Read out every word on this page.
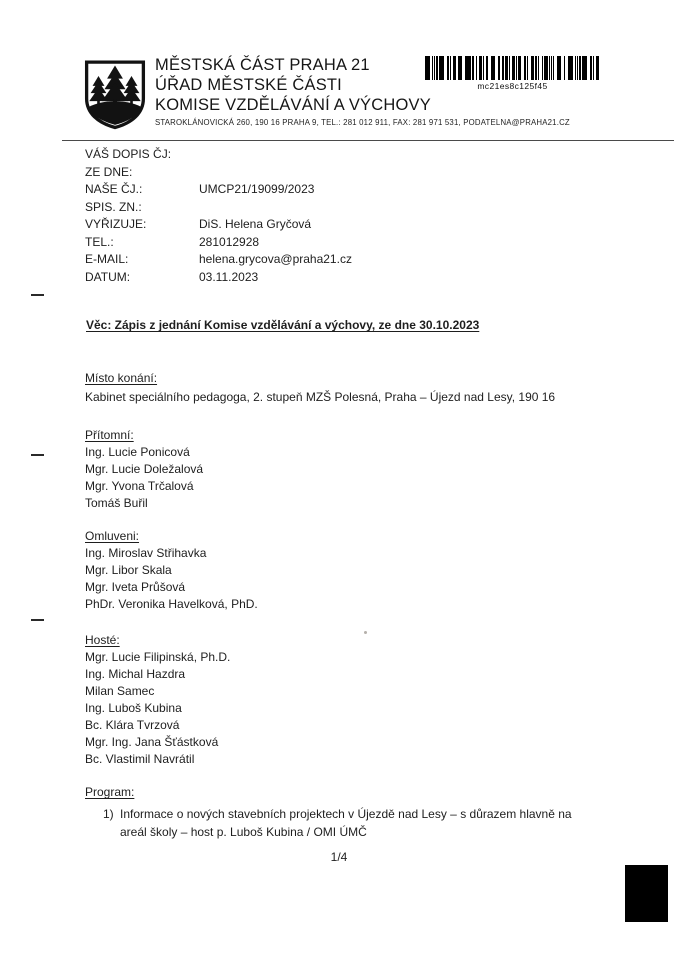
MĚSTSKÁ ČÁST PRAHA 21
ÚŘAD MĚSTSKÉ ČÁSTI
KOMISE VZDĚLÁVÁNÍ A VÝCHOVY
STAROKLÁNOVICKÁ 260, 190 16 PRAHA 9, TEL.: 281 012 911, FAX: 281 971 531, PODATELNA@PRAHA21.CZ
mc21es8c125f45
VÁŠ DOPIS ČJ:
ZE DNE:
NAŠE ČJ.:	UMCP21/19099/2023
SPIS. ZN.:
VYŘIZUJE:	DiS. Helena Gryčová
TEL.:	281012928
E-MAIL:	helena.grycova@praha21.cz
DATUM:	03.11.2023
Věc: Zápis z jednání Komise vzdělávání a výchovy, ze dne 30.10.2023
Místo konání:
Kabinet speciálního pedagoga, 2. stupeň MZŠ Polesná, Praha – Újezd nad Lesy, 190 16
Přítomní:
Ing. Lucie Ponicová
Mgr. Lucie Doležalová
Mgr. Yvona Trčalová
Tomáš Buřil
Omluveni:
Ing. Miroslav Střihavka
Mgr. Libor Skala
Mgr. Iveta Průšová
PhDr. Veronika Havelková, PhD.
Hosté:
Mgr. Lucie Filipinská, Ph.D.
Ing. Michal Hazdra
Milan Samec
Ing. Luboš Kubina
Bc. Klára Tvrzová
Mgr. Ing. Jana Šťástková
Bc. Vlastimil Navrátil
Program:
1) Informace o nových stavebních projektech v Újezdě nad Lesy – s důrazem hlavně na areál školy – host p. Luboš Kubina / OMI ÚMČ
1/4
